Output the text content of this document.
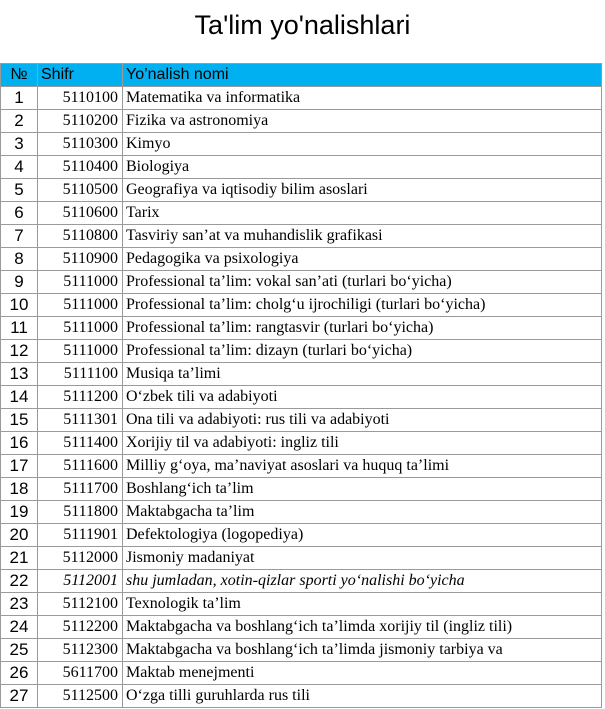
Ta'lim yo'nalishlari
№	Shifr	Yo’nalish nomi
1	5110100	Matematika va informatika
2	5110200	Fizika va astronomiya
3	5110300	Kimyo
4	5110400	Biologiya
5	5110500	Geografiya va iqtisodiy bilim asoslari
6	5110600	Tarix
7	5110800	Tasviriy san’at va muhandislik grafikasi
8	5110900	Pedagogika va psixologiya
9	5111000	Professional ta’lim: vokal san’ati (turlari bo‘yicha)
10	5111000	Professional ta’lim: cholg‘u ijrochiligi (turlari bo‘yicha)
11	5111000	Professional ta’lim: rangtasvir (turlari bo‘yicha)
12	5111000	Professional ta’lim: dizayn (turlari bo‘yicha)
13	5111100	Musiqa ta’limi
14	5111200	O‘zbek tili va adabiyoti
15	5111301	Ona tili va adabiyoti: rus tili va adabiyoti
16	5111400	Xorijiy til va adabiyoti: ingliz tili
17	5111600	Milliy g‘oya, ma’naviyat asoslari va huquq ta’limi
18	5111700	Boshlang‘ich ta’lim
19	5111800	Maktabgacha ta’lim
20	5111901	Defektologiya (logopediya)
21	5112000	Jismoniy madaniyat
22	5112001	shu jumladan, xotin-qizlar sporti yo‘nalishi bo‘yicha
23	5112100	Texnologik ta’lim
24	5112200	Maktabgacha va boshlang‘ich ta’limda xorijiy til (ingliz tili)
25	5112300	Maktabgacha va boshlang‘ich ta’limda jismoniy tarbiya va
26	5611700	Maktab menejmenti
27	5112500	O‘zga tilli guruhlarda rus tili
